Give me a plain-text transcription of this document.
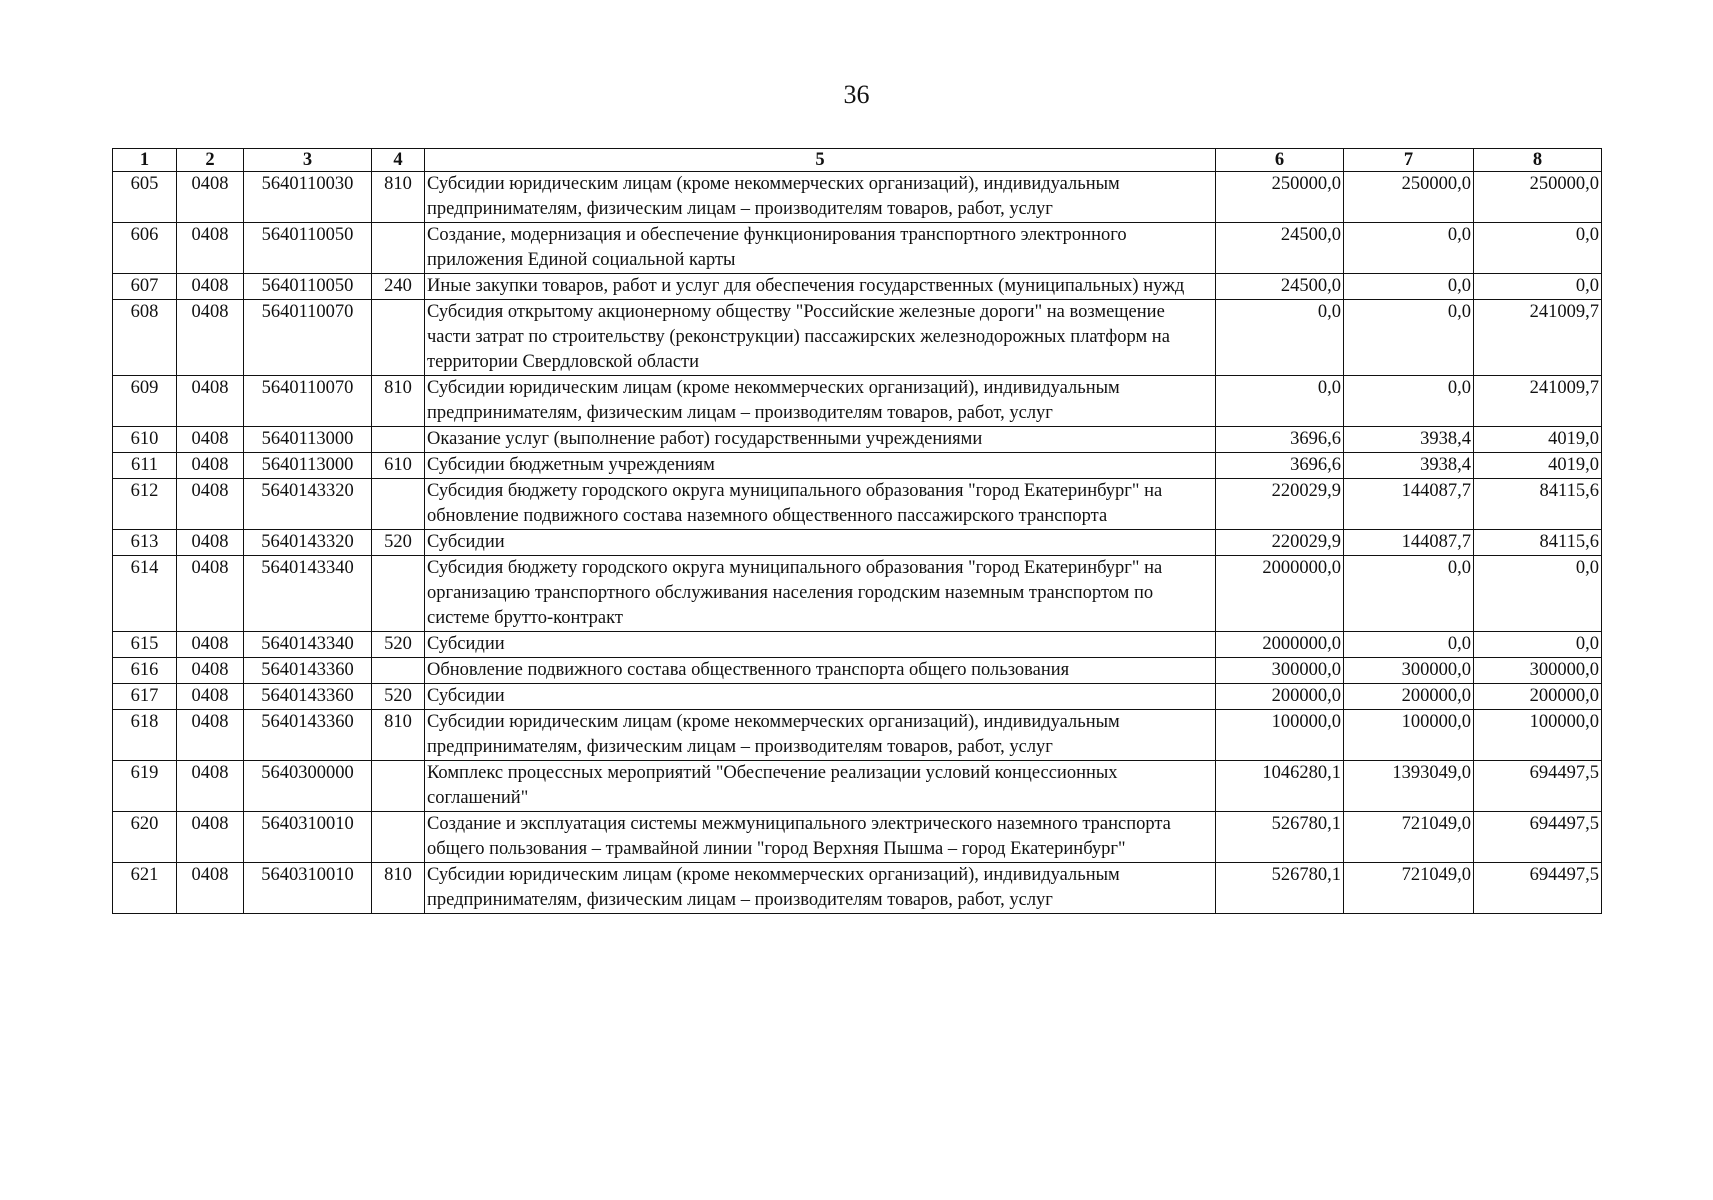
36
1	2	3	4	5	6	7	8
605	0408	5640110030	810	Субсидии юридическим лицам (кроме некоммерческих организаций), индивидуальным предпринимателям, физическим лицам – производителям товаров, работ, услуг	250000,0	250000,0	250000,0
606	0408	5640110050		Создание, модернизация и обеспечение функционирования транспортного электронного приложения Единой социальной карты	24500,0	0,0	0,0
607	0408	5640110050	240	Иные закупки товаров, работ и услуг для обеспечения государственных (муниципальных) нужд	24500,0	0,0	0,0
608	0408	5640110070		Субсидия открытому акционерному обществу "Российские железные дороги" на возмещение части затрат по строительству (реконструкции) пассажирских железнодорожных платформ на территории Свердловской области	0,0	0,0	241009,7
609	0408	5640110070	810	Субсидии юридическим лицам (кроме некоммерческих организаций), индивидуальным предпринимателям, физическим лицам – производителям товаров, работ, услуг	0,0	0,0	241009,7
610	0408	5640113000		Оказание услуг (выполнение работ) государственными учреждениями	3696,6	3938,4	4019,0
611	0408	5640113000	610	Субсидии бюджетным учреждениям	3696,6	3938,4	4019,0
612	0408	5640143320		Субсидия бюджету городского округа муниципального образования "город Екатеринбург" на обновление подвижного состава наземного общественного пассажирского транспорта	220029,9	144087,7	84115,6
613	0408	5640143320	520	Субсидии	220029,9	144087,7	84115,6
614	0408	5640143340		Субсидия бюджету городского округа муниципального образования "город Екатеринбург" на организацию транспортного обслуживания населения городским наземным транспортом по системе брутто-контракт	2000000,0	0,0	0,0
615	0408	5640143340	520	Субсидии	2000000,0	0,0	0,0
616	0408	5640143360		Обновление подвижного состава общественного транспорта общего пользования	300000,0	300000,0	300000,0
617	0408	5640143360	520	Субсидии	200000,0	200000,0	200000,0
618	0408	5640143360	810	Субсидии юридическим лицам (кроме некоммерческих организаций), индивидуальным предпринимателям, физическим лицам – производителям товаров, работ, услуг	100000,0	100000,0	100000,0
619	0408	5640300000		Комплекс процессных мероприятий "Обеспечение реализации условий концессионных соглашений"	1046280,1	1393049,0	694497,5
620	0408	5640310010		Создание и эксплуатация системы межмуниципального электрического наземного транспорта общего пользования – трамвайной линии "город Верхняя Пышма – город Екатеринбург"	526780,1	721049,0	694497,5
621	0408	5640310010	810	Субсидии юридическим лицам (кроме некоммерческих организаций), индивидуальным предпринимателям, физическим лицам – производителям товаров, работ, услуг	526780,1	721049,0	694497,5
